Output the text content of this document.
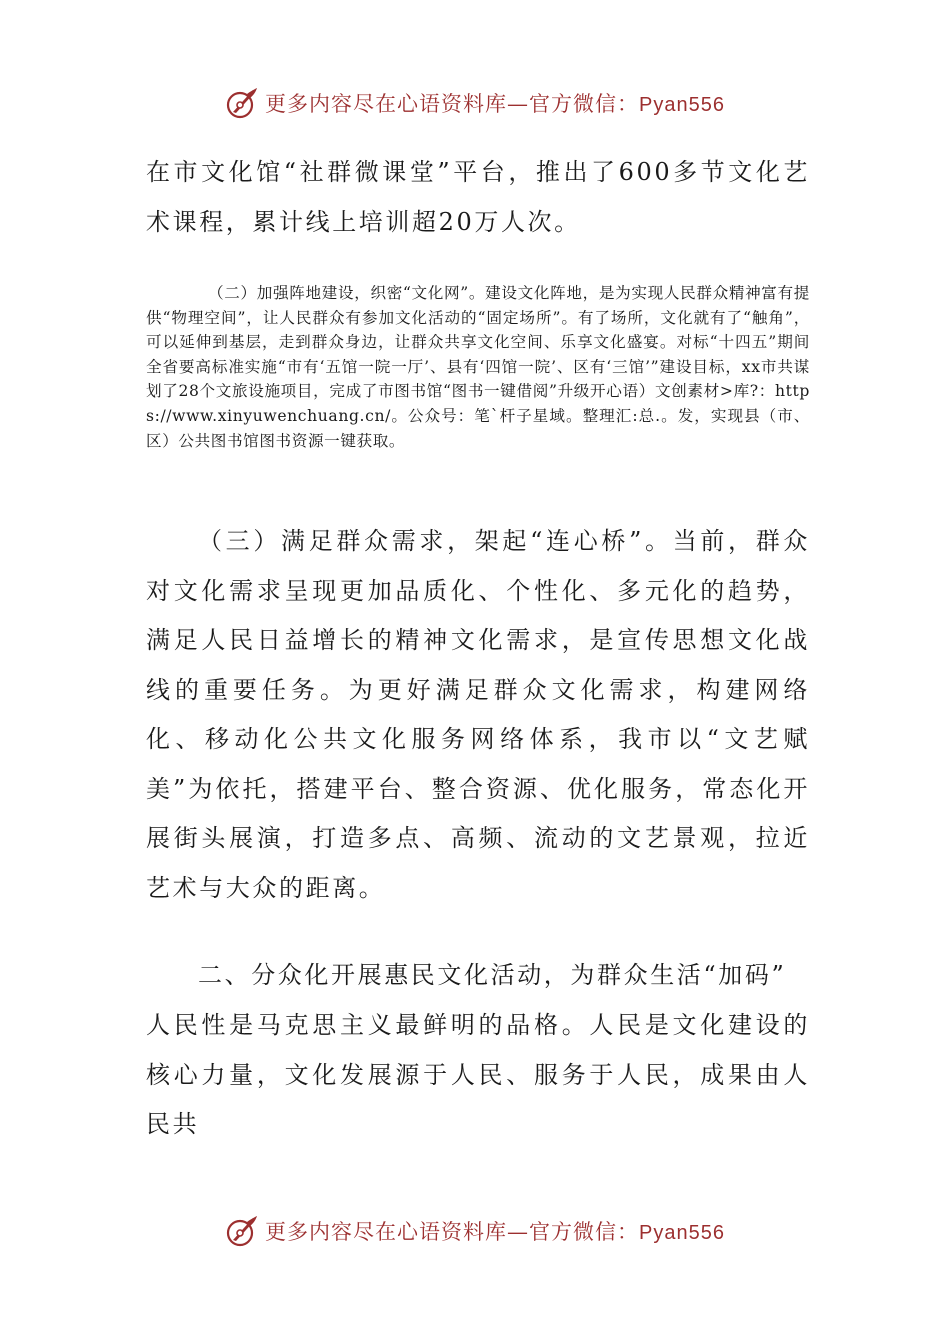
更多内容尽在心语资料库—官方微信：Pyan556

在市文化馆“社群微课堂”平台，推出了600多节文化艺术课程，累计线上培训超20万人次。

（二）加强阵地建设，织密“文化网”。建设文化阵地，是为实现人民群众精神富有提供“物理空间”，让人民群众有参加文化活动的“固定场所”。有了场所，文化就有了“触角”，可以延伸到基层，走到群众身边，让群众共享文化空间、乐享文化盛宴。对标“十四五”期间全省要高标准实施“市有‘五馆一院一厅’、县有‘四馆一院’、区有‘三馆’”建设目标，xx市共谋划了28个文旅设施项目，完成了市图书馆“图书一键借阅”升级开心语）文创素材>库?：https://www.xinyuwenchuang.cn/。公众号：笔`杆子星域。整理汇:总.。发，实现县（市、区）公共图书馆图书资源一键获取。

（三）满足群众需求，架起“连心桥”。当前，群众对文化需求呈现更加品质化、个性化、多元化的趋势，满足人民日益增长的精神文化需求，是宣传思想文化战线的重要任务。为更好满足群众文化需求，构建网络化、移动化公共文化服务网络体系，我市以“文艺赋美”为依托，搭建平台、整合资源、优化服务，常态化开展街头展演，打造多点、高频、流动的文艺景观，拉近艺术与大众的距离。

二、分众化开展惠民文化活动，为群众生活“加码”

人民性是马克思主义最鲜明的品格。人民是文化建设的核心力量，文化发展源于人民、服务于人民，成果由人民共

更多内容尽在心语资料库—官方微信：Pyan556
